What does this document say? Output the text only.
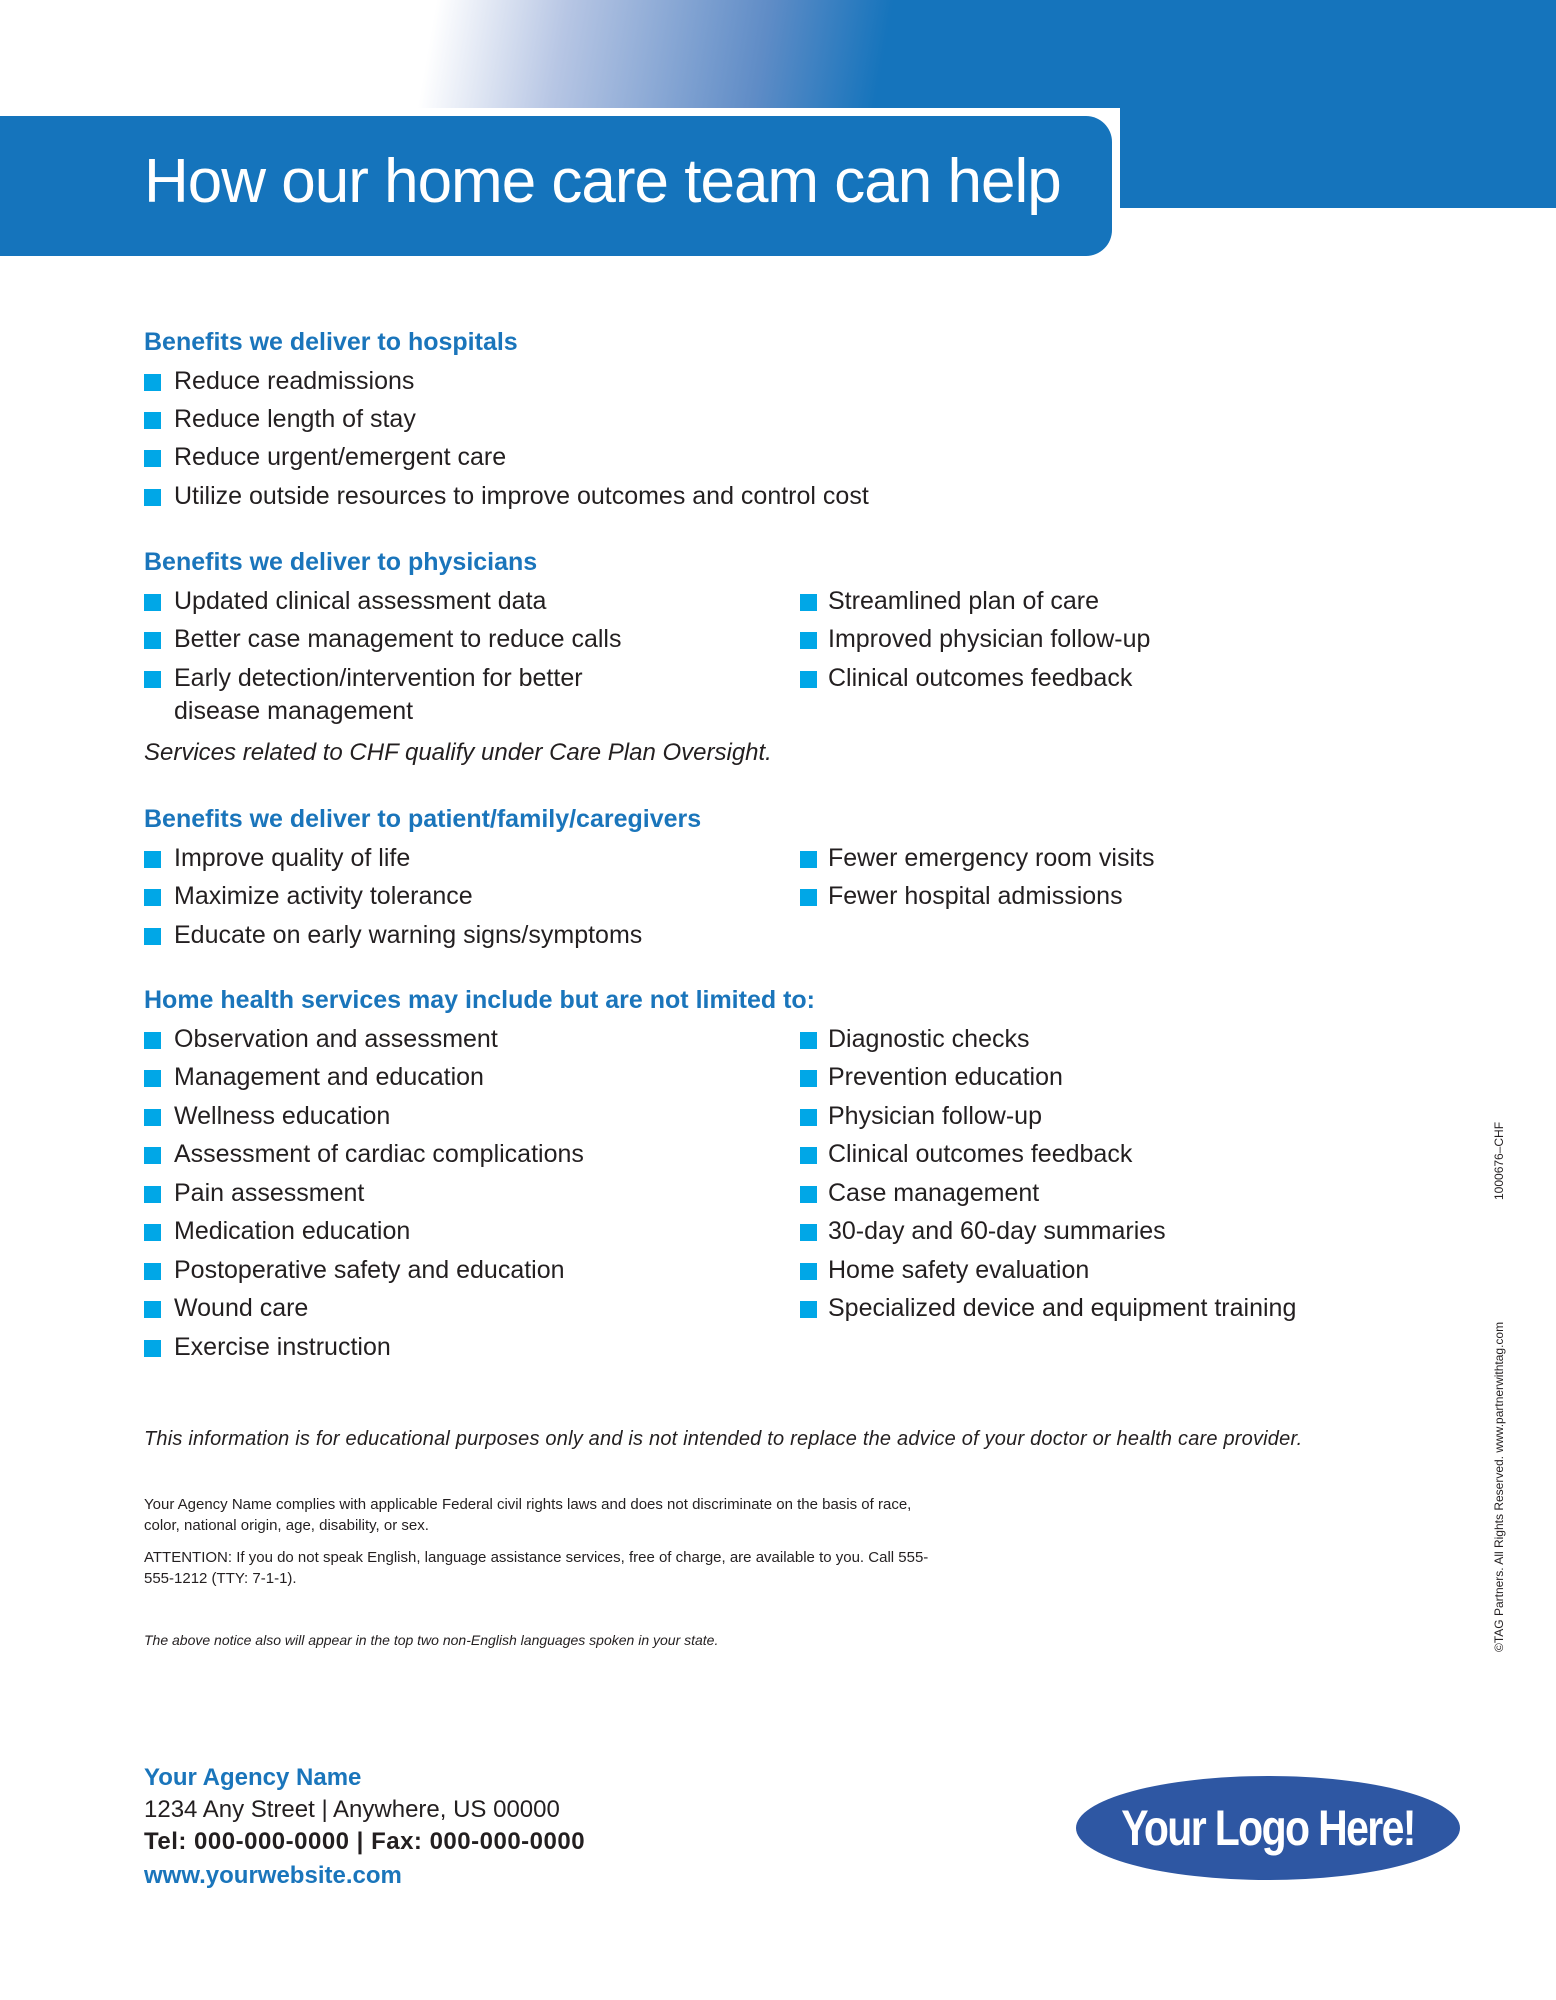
How our home care team can help
Benefits we deliver to hospitals
Reduce readmissions
Reduce length of stay
Reduce urgent/emergent care
Utilize outside resources to improve outcomes and control cost
Benefits we deliver to physicians
Updated clinical assessment data
Better case management to reduce calls
Early detection/intervention for better
disease management
Streamlined plan of care
Improved physician follow-up
Clinical outcomes feedback
Services related to CHF qualify under Care Plan Oversight.
Benefits we deliver to patient/family/caregivers
Improve quality of life
Maximize activity tolerance
Educate on early warning signs/symptoms
Fewer emergency room visits
Fewer hospital admissions
Home health services may include but are not limited to:
Observation and assessment
Management and education
Wellness education
Assessment of cardiac complications
Pain assessment
Medication education
Postoperative safety and education
Wound care
Exercise instruction
Diagnostic checks
Prevention education
Physician follow-up
Clinical outcomes feedback
Case management
30-day and 60-day summaries
Home safety evaluation
Specialized device and equipment training
This information is for educational purposes only and is not intended to replace the advice of your doctor or health care provider.
Your Agency Name complies with applicable Federal civil rights laws and does not discriminate on the basis of race, color, national origin, age, disability, or sex.
ATTENTION: If you do not speak English, language assistance services, free of charge, are available to you. Call 555-555-1212 (TTY: 7-1-1).
The above notice also will appear in the top two non-English languages spoken in your state.
1000676–CHF
©TAG Partners. All Rights Reserved. www.partnerwithtag.com
Your Agency Name
1234 Any Street | Anywhere, US 00000
Tel: 000-000-0000 | Fax: 000-000-0000
www.yourwebsite.com
Your Logo Here!
